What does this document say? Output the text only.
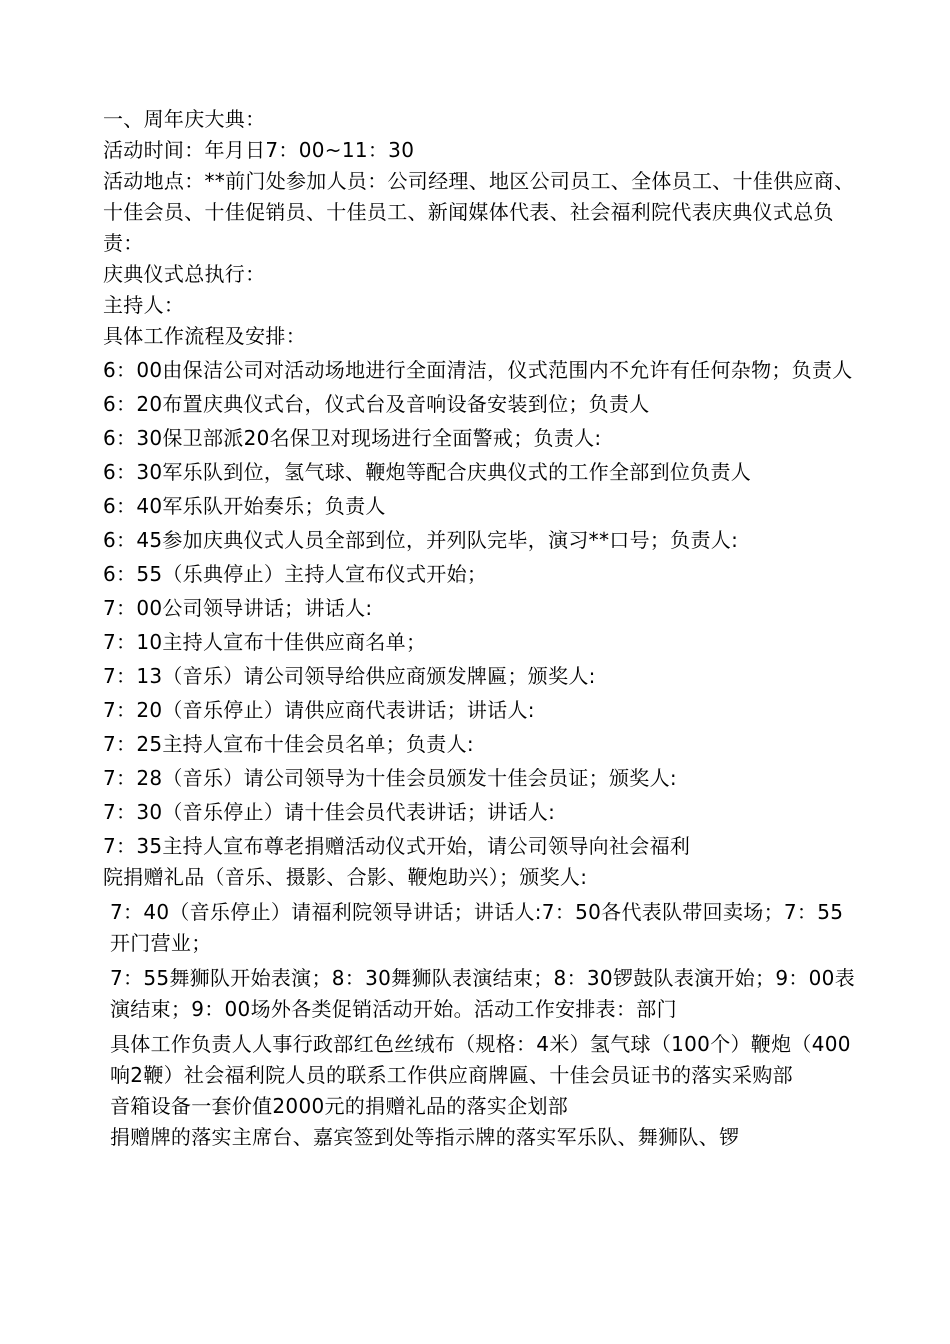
一、周年庆大典：

活动时间：年月日7：00~11：30

活动地点：**前门处参加人员：公司经理、地区公司员工、全体员工、十佳供应商、十佳会员、十佳促销员、十佳员工、新闻媒体代表、社会福利院代表庆典仪式总负责：

庆典仪式总执行：

主持人：

具体工作流程及安排：

6：00由保洁公司对活动场地进行全面清洁，仪式范围内不允许有任何杂物；负责人

6：20布置庆典仪式台，仪式台及音响设备安装到位；负责人

6：30保卫部派20名保卫对现场进行全面警戒；负责人:

6：30军乐队到位，氢气球、鞭炮等配合庆典仪式的工作全部到位负责人

6：40军乐队开始奏乐；负责人

6：45参加庆典仪式人员全部到位，并列队完毕，演习**口号；负责人:

6：55（乐典停止）主持人宣布仪式开始；

7：00公司领导讲话；讲话人:

7：10主持人宣布十佳供应商名单；

7：13（音乐）请公司领导给供应商颁发牌匾；颁奖人:

7：20（音乐停止）请供应商代表讲话；讲话人:

7：25主持人宣布十佳会员名单；负责人:

7：28（音乐）请公司领导为十佳会员颁发十佳会员证；颁奖人:

7：30（音乐停止）请十佳会员代表讲话；讲话人:

7：35主持人宣布尊老捐赠活动仪式开始，请公司领导向社会福利

院捐赠礼品（音乐、摄影、合影、鞭炮助兴）；颁奖人:

7：40（音乐停止）请福利院领导讲话；讲话人:7：50各代表队带回卖场；7：55开门营业；

7：55舞狮队开始表演；8：30舞狮队表演结束；8：30锣鼓队表演开始；9：00表演结束；9：00场外各类促销活动开始。活动工作安排表：部门

具体工作负责人人事行政部红色丝绒布（规格：4米）氢气球（100个）鞭炮（400响2鞭）社会福利院人员的联系工作供应商牌匾、十佳会员证书的落实采购部

音箱设备一套价值2000元的捐赠礼品的落实企划部

捐赠牌的落实主席台、嘉宾签到处等指示牌的落实军乐队、舞狮队、锣
